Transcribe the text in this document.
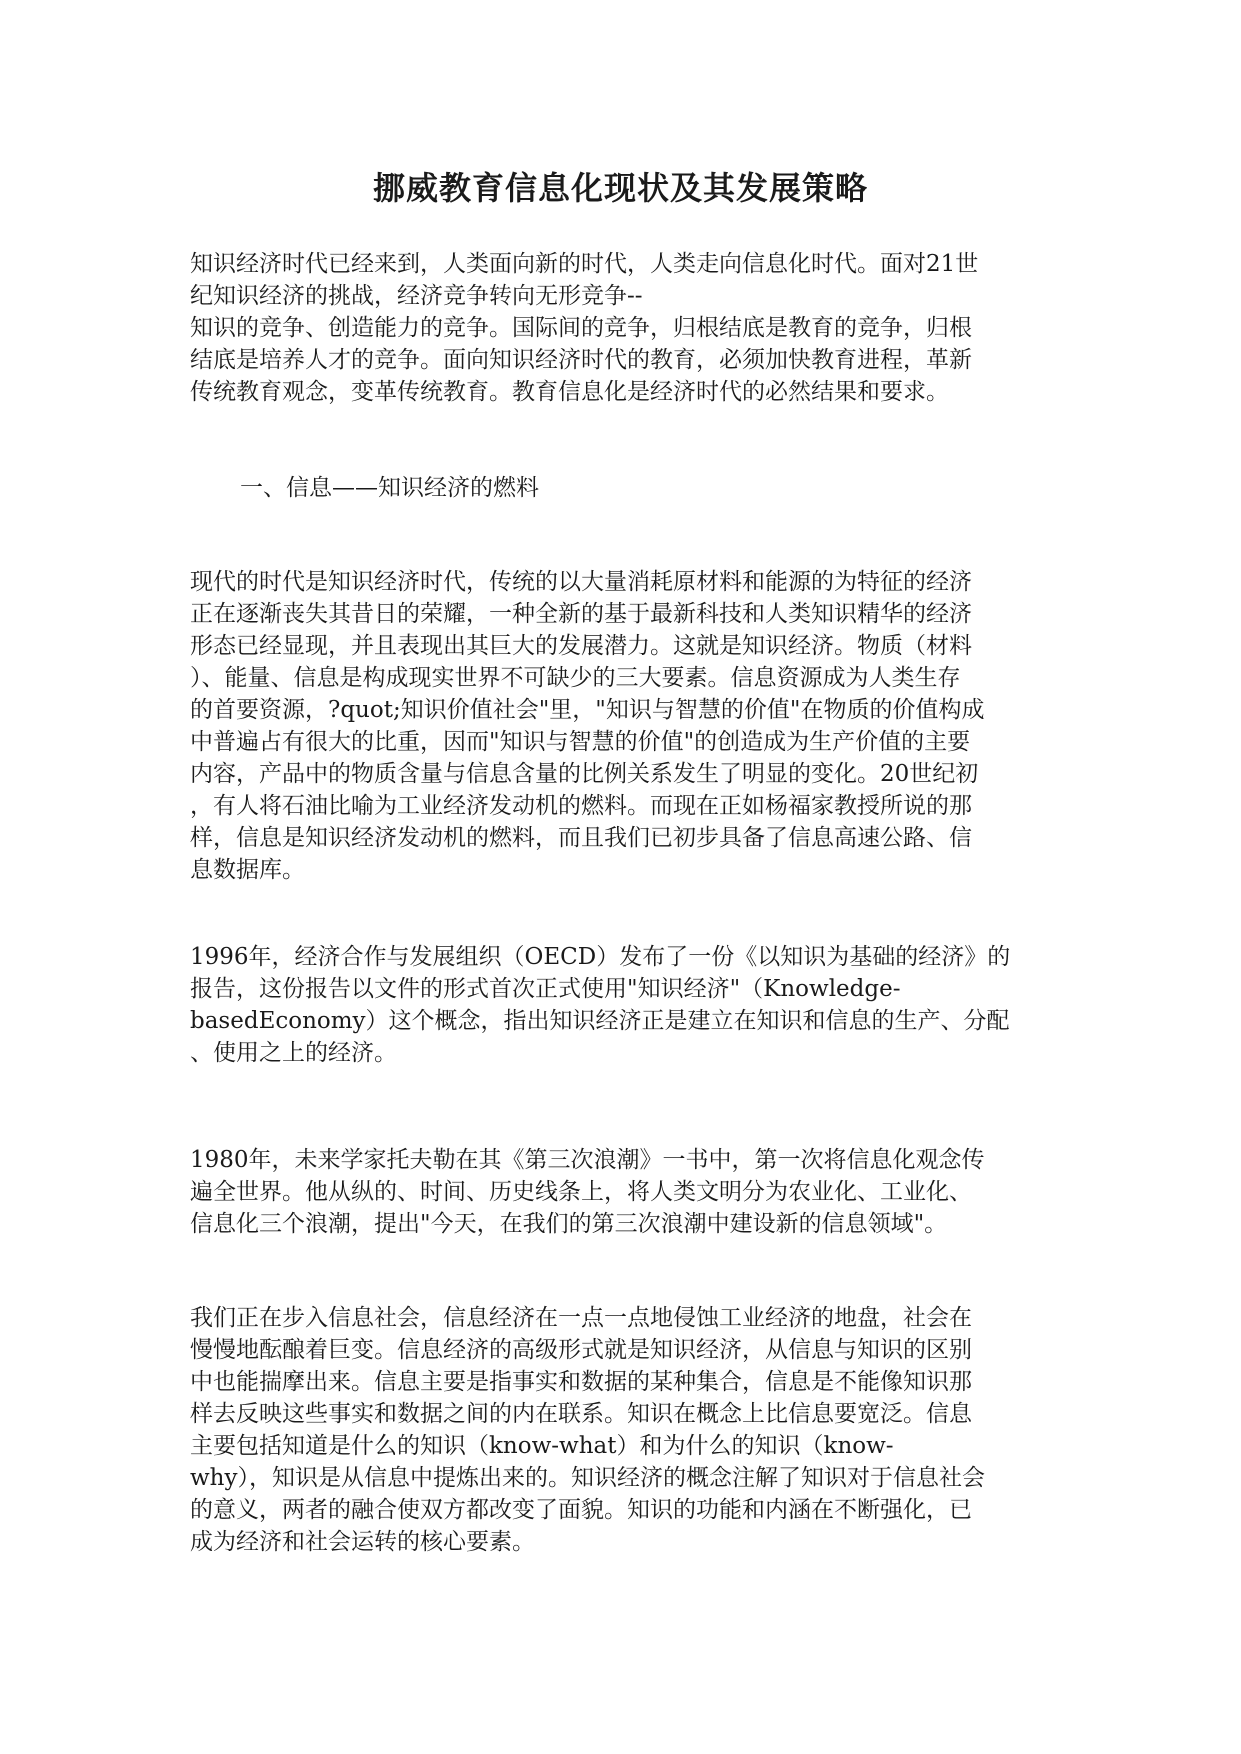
挪威教育信息化现状及其发展策略

知识经济时代已经来到，人类面向新的时代，人类走向信息化时代。面对21世
纪知识经济的挑战，经济竞争转向无形竞争--
知识的竞争、创造能力的竞争。国际间的竞争，归根结底是教育的竞争，归根
结底是培养人才的竞争。面向知识经济时代的教育，必须加快教育进程，革新
传统教育观念，变革传统教育。教育信息化是经济时代的必然结果和要求。

一、信息——知识经济的燃料

现代的时代是知识经济时代，传统的以大量消耗原材料和能源的为特征的经济
正在逐渐丧失其昔日的荣耀，一种全新的基于最新科技和人类知识精华的经济
形态已经显现，并且表现出其巨大的发展潜力。这就是知识经济。物质（材料
）、能量、信息是构成现实世界不可缺少的三大要素。信息资源成为人类生存
的首要资源，?quot;知识价值社会"里，"知识与智慧的价值"在物质的价值构成
中普遍占有很大的比重，因而"知识与智慧的价值"的创造成为生产价值的主要
内容，产品中的物质含量与信息含量的比例关系发生了明显的变化。20世纪初
，有人将石油比喻为工业经济发动机的燃料。而现在正如杨福家教授所说的那
样，信息是知识经济发动机的燃料，而且我们已初步具备了信息高速公路、信
息数据库。

1996年，经济合作与发展组织（OECD）发布了一份《以知识为基础的经济》的
报告，这份报告以文件的形式首次正式使用"知识经济"（Knowledge-
basedEconomy）这个概念，指出知识经济正是建立在知识和信息的生产、分配
、使用之上的经济。

1980年，未来学家托夫勒在其《第三次浪潮》一书中，第一次将信息化观念传
遍全世界。他从纵的、时间、历史线条上，将人类文明分为农业化、工业化、
信息化三个浪潮，提出"今天，在我们的第三次浪潮中建设新的信息领域"。

我们正在步入信息社会，信息经济在一点一点地侵蚀工业经济的地盘，社会在
慢慢地酝酿着巨变。信息经济的高级形式就是知识经济，从信息与知识的区别
中也能揣摩出来。信息主要是指事实和数据的某种集合，信息是不能像知识那
样去反映这些事实和数据之间的内在联系。知识在概念上比信息要宽泛。信息
主要包括知道是什么的知识（know-what）和为什么的知识（know-
why），知识是从信息中提炼出来的。知识经济的概念注解了知识对于信息社会
的意义，两者的融合使双方都改变了面貌。知识的功能和内涵在不断强化，已
成为经济和社会运转的核心要素。
